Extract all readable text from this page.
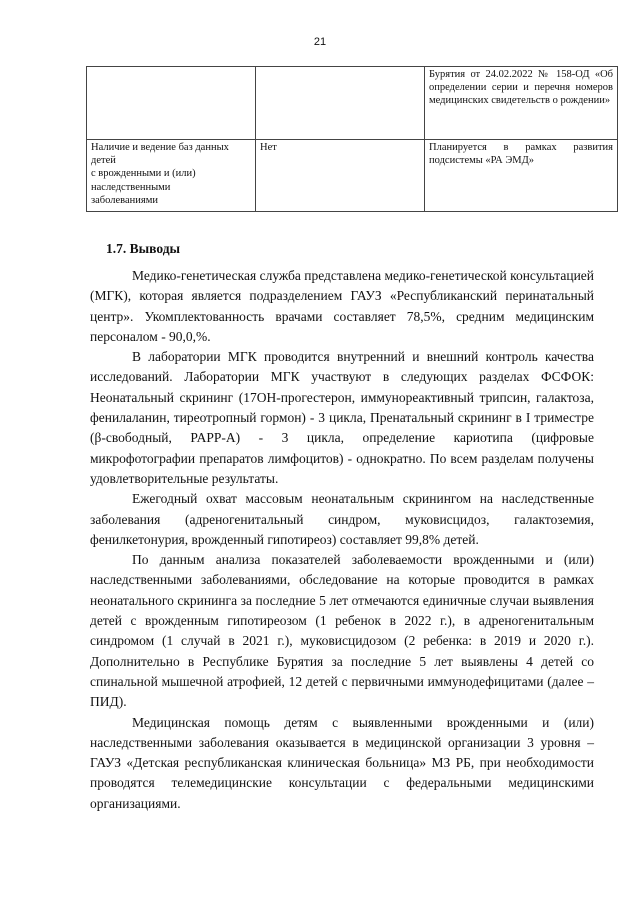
21
		Бурятия от 24.02.2022 № 158-ОД «Об определении серии и перечня номеров медицинских свидетельств о рождении»

Наличие и ведение баз данных детей
с врожденными и (или) наследственными
заболеваниями	Нет	Планируется в рамках развития подсистемы «РА ЭМД»
1.7. Выводы

Медико-генетическая служба представлена медико-генетической консультацией (МГК), которая является подразделением ГАУЗ «Республиканский перинатальный центр». Укомплектованность врачами составляет 78,5%, средним медицинским персоналом - 90,0,%.

В лаборатории МГК проводится внутренний и внешний контроль качества исследований. Лаборатории МГК участвуют в следующих разделах ФСФОК: Неонатальный скрининг (17ОН-прогестерон, иммунореактивный трипсин, галактоза, фенилаланин, тиреотропный гормон) - 3 цикла, Пренатальный скрининг в I триместре (β-свободный, PAPP-A) - 3 цикла, определение кариотипа (цифровые микрофотографии препаратов лимфоцитов) - однократно. По всем разделам получены удовлетворительные результаты.

Ежегодный охват массовым неонатальным скринингом на наследственные заболевания (адреногенитальный синдром, муковисцидоз, галактоземия, фенилкетонурия, врожденный гипотиреоз) составляет 99,8% детей.

По данным анализа показателей заболеваемости врожденными и (или) наследственными заболеваниями, обследование на которые проводится в рамках неонатального скрининга за последние 5 лет отмечаются единичные случаи выявления детей с врожденным гипотиреозом (1 ребенок в 2022 г.), в адреногенитальным синдромом (1 случай в 2021 г.), муковисцидозом (2 ребенка: в 2019 и 2020 г.). Дополнительно в Республике Бурятия за последние 5 лет выявлены 4 детей со спинальной мышечной атрофией, 12 детей с первичными иммунодефицитами (далее – ПИД).

Медицинская помощь детям с выявленными врожденными и (или) наследственными заболевания оказывается в медицинской организации 3 уровня – ГАУЗ «Детская республиканская клиническая больница» МЗ РБ, при необходимости проводятся телемедицинские консультации с федеральными медицинскими организациями.
